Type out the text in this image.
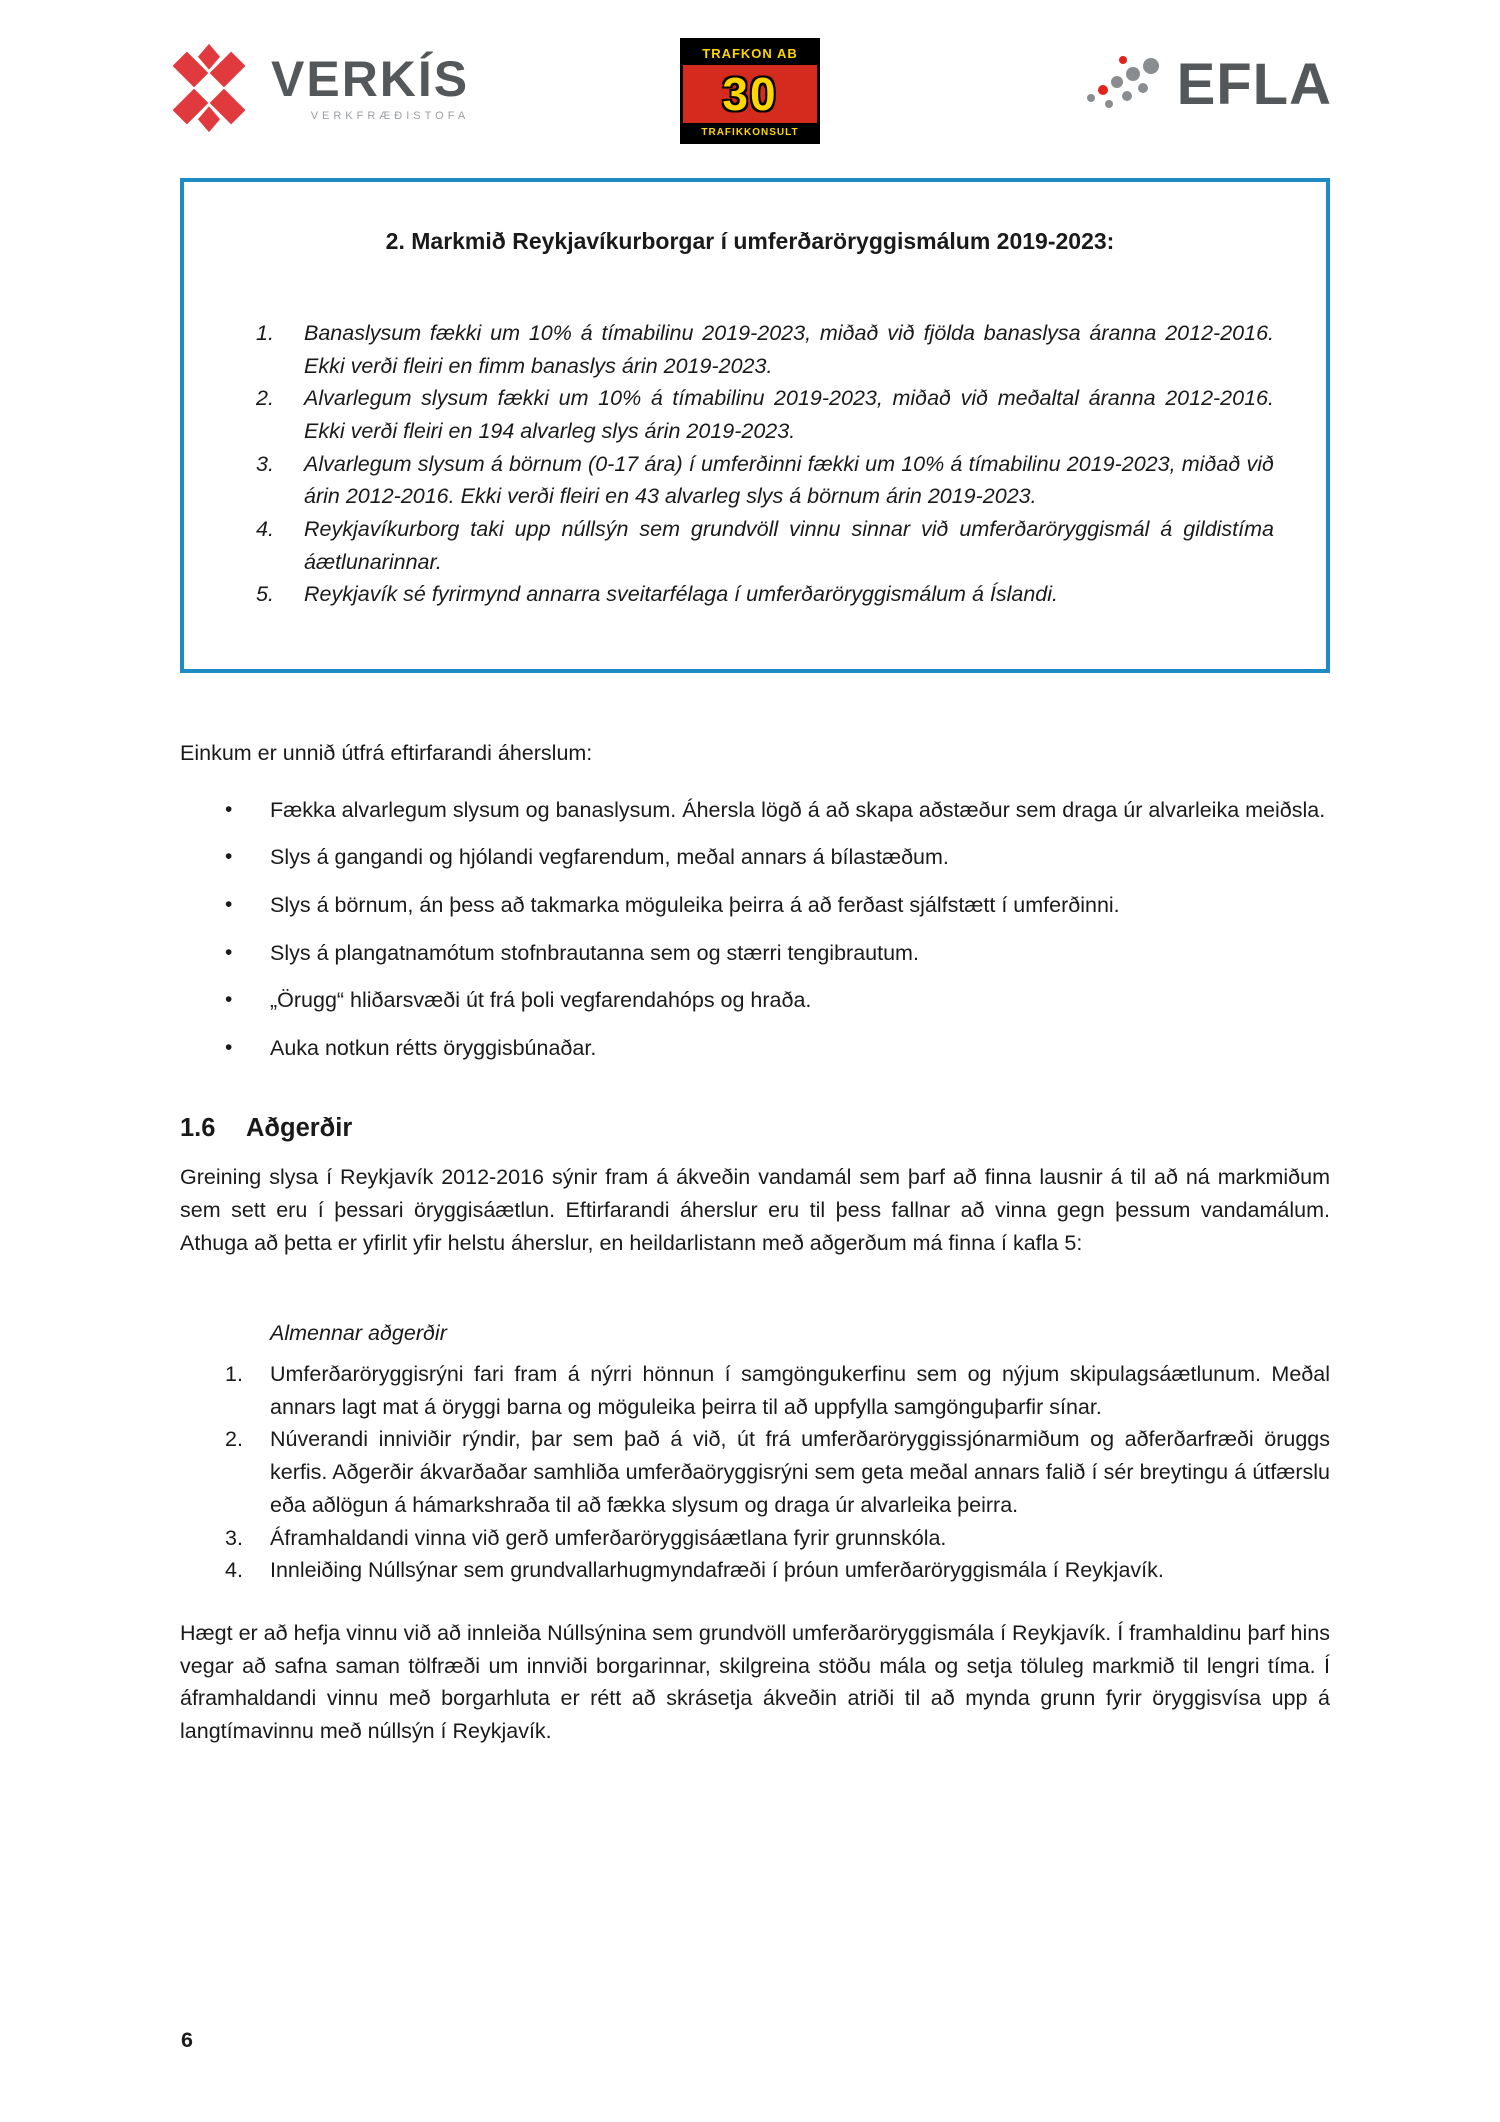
VERKÍS
VERKFRÆÐISTOFA
TRAFKON AB
30
TRAFIKKONSULT
EFLA
2. Markmið Reykjavíkurborgar í umferðaröryggismálum 2019-2023:
1.	Banaslysum fækki um 10% á tímabilinu 2019-2023, miðað við fjölda banaslysa áranna 2012-2016. Ekki verði fleiri en fimm banaslys árin 2019-2023.
2.	Alvarlegum slysum fækki um 10% á tímabilinu 2019-2023, miðað við meðaltal áranna 2012-2016. Ekki verði fleiri en 194 alvarleg slys árin 2019-2023.
3.	Alvarlegum slysum á börnum (0-17 ára) í umferðinni fækki um 10% á tímabilinu 2019-2023, miðað við árin 2012-2016. Ekki verði fleiri en 43 alvarleg slys á börnum árin 2019-2023.
4.	Reykjavíkurborg taki upp núllsýn sem grundvöll vinnu sinnar við umferðaröryggismál á gildistíma áætlunarinnar.
5.	Reykjavík sé fyrirmynd annarra sveitarfélaga í umferðaröryggismálum á Íslandi.

Einkum er unnið útfrá eftirfarandi áherslum:

•	Fækka alvarlegum slysum og banaslysum. Áhersla lögð á að skapa aðstæður sem draga úr alvarleika meiðsla.
•	Slys á gangandi og hjólandi vegfarendum, meðal annars á bílastæðum.
•	Slys á börnum, án þess að takmarka möguleika þeirra á að ferðast sjálfstætt í umferðinni.
•	Slys á plangatnamótum stofnbrautanna sem og stærri tengibrautum.
•	„Örugg“ hliðarsvæði út frá þoli vegfarendahóps og hraða.
•	Auka notkun rétts öryggisbúnaðar.
1.6	Aðgerðir

Greining slysa í Reykjavík 2012-2016 sýnir fram á ákveðin vandamál sem þarf að finna lausnir á til að ná markmiðum sem sett eru í þessari öryggisáætlun. Eftirfarandi áherslur eru til þess fallnar að vinna gegn þessum vandamálum. Athuga að þetta er yfirlit yfir helstu áherslur, en heildarlistann með aðgerðum má finna í kafla 5:

Almennar aðgerðir
1.	Umferðaröryggisrýni fari fram á nýrri hönnun í samgöngukerfinu sem og nýjum skipulagsáætlunum. Meðal annars lagt mat á öryggi barna og möguleika þeirra til að uppfylla samgönguþarfir sínar.
2.	Núverandi inniviðir rýndir, þar sem það á við, út frá umferðaröryggissjónarmiðum og aðferðarfræði öruggs kerfis. Aðgerðir ákvarðaðar samhliða umferðaöryggisrýni sem geta meðal annars falið í sér breytingu á útfærslu eða aðlögun á hámarkshraða til að fækka slysum og draga úr alvarleika þeirra.
3.	Áframhaldandi vinna við gerð umferðaröryggisáætlana fyrir grunnskóla.
4.	Innleiðing Núllsýnar sem grundvallarhugmyndafræði í þróun umferðaröryggismála í Reykjavík.

Hægt er að hefja vinnu við að innleiða Núllsýnina sem grundvöll umferðaröryggismála í Reykjavík. Í framhaldinu þarf hins vegar að safna saman tölfræði um innviði borgarinnar, skilgreina stöðu mála og setja töluleg markmið til lengri tíma. Í áframhaldandi vinnu með borgarhluta er rétt að skrásetja ákveðin atriði til að mynda grunn fyrir öryggisvísa upp á langtímavinnu með núllsýn í Reykjavík.

6
